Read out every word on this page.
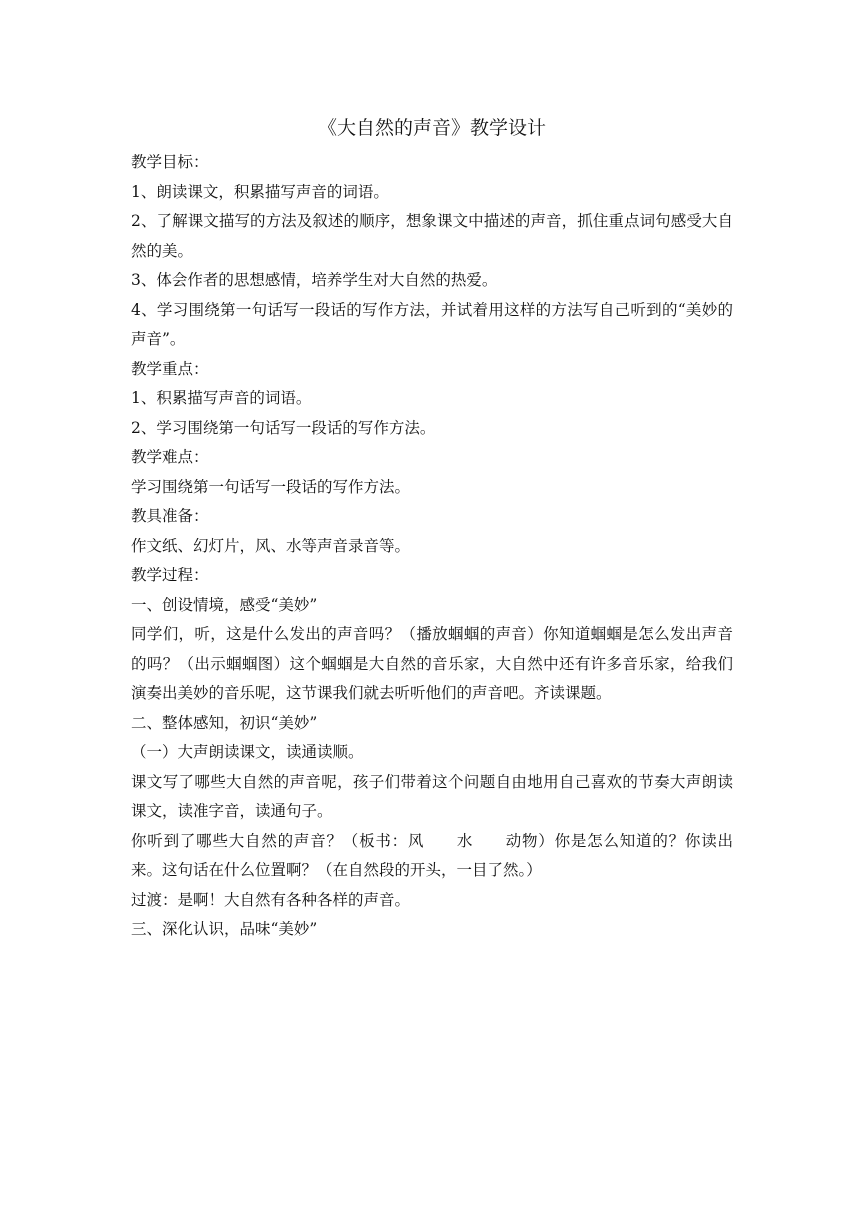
《大自然的声音》教学设计

教学目标：

1、朗读课文，积累描写声音的词语。

2、了解课文描写的方法及叙述的顺序，想象课文中描述的声音，抓住重点词句感受大自然的美。

3、体会作者的思想感情，培养学生对大自然的热爱。

4、学习围绕第一句话写一段话的写作方法，并试着用这样的方法写自己听到的“美妙的声音”。

教学重点：

1、积累描写声音的词语。

2、学习围绕第一句话写一段话的写作方法。

教学难点：

学习围绕第一句话写一段话的写作方法。

教具准备：

作文纸、幻灯片，风、水等声音录音等。

教学过程：

一、创设情境，感受“美妙”

同学们，听，这是什么发出的声音吗？（播放蝈蝈的声音）你知道蝈蝈是怎么发出声音的吗？（出示蝈蝈图）这个蝈蝈是大自然的音乐家，大自然中还有许多音乐家，给我们演奏出美妙的音乐呢，这节课我们就去听听他们的声音吧。齐读课题。

二、整体感知，初识“美妙”

（一）大声朗读课文，读通读顺。

课文写了哪些大自然的声音呢，孩子们带着这个问题自由地用自己喜欢的节奏大声朗读课文，读准字音，读通句子。

你听到了哪些大自然的声音？（板书：风　　水　　动物）你是怎么知道的？你读出来。这句话在什么位置啊？（在自然段的开头，一目了然。）

过渡：是啊！大自然有各种各样的声音。

三、深化认识，品味“美妙”
